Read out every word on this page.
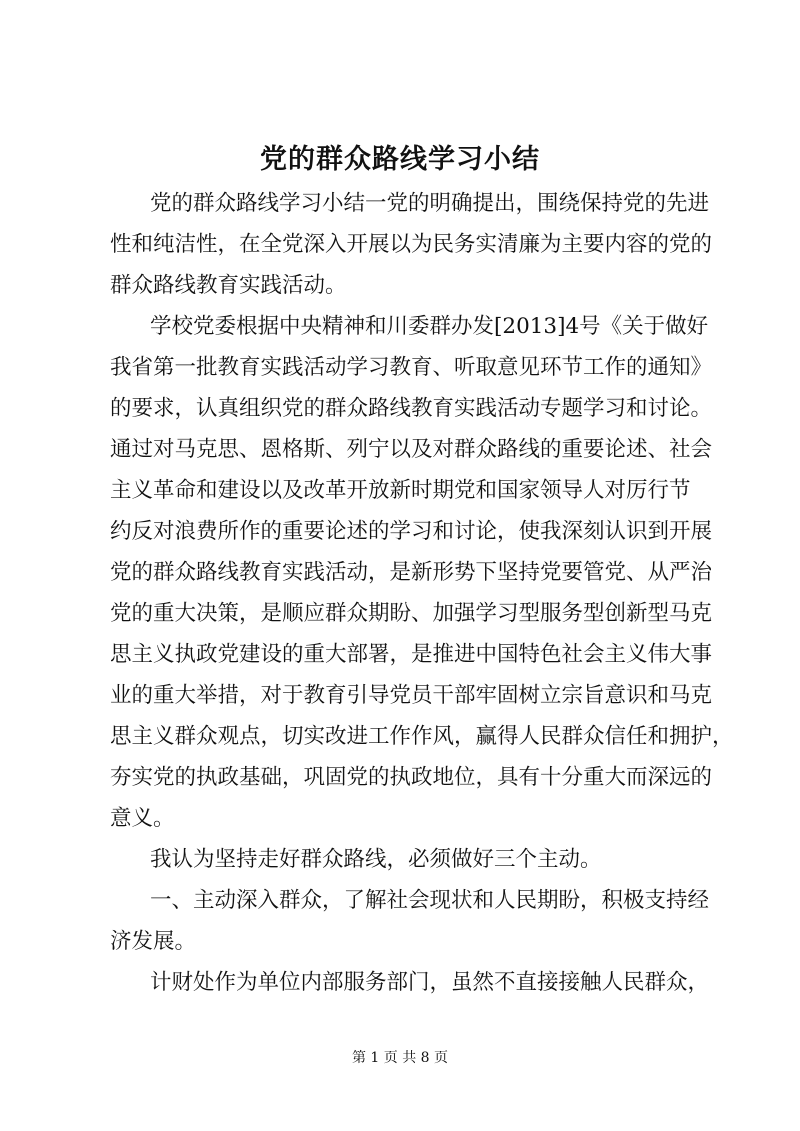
党的群众路线学习小结
党的群众路线学习小结一党的明确提出，围绕保持党的先进
性和纯洁性，在全党深入开展以为民务实清廉为主要内容的党的
群众路线教育实践活动。
学校党委根据中央精神和川委群办发[2013]4号《关于做好
我省第一批教育实践活动学习教育、听取意见环节工作的通知》
的要求，认真组织党的群众路线教育实践活动专题学习和讨论。
通过对马克思、恩格斯、列宁以及对群众路线的重要论述、社会
主义革命和建设以及改革开放新时期党和国家领导人对厉行节
约反对浪费所作的重要论述的学习和讨论，使我深刻认识到开展
党的群众路线教育实践活动，是新形势下坚持党要管党、从严治
党的重大决策，是顺应群众期盼、加强学习型服务型创新型马克
思主义执政党建设的重大部署，是推进中国特色社会主义伟大事
业的重大举措，对于教育引导党员干部牢固树立宗旨意识和马克
思主义群众观点，切实改进工作作风，赢得人民群众信任和拥护，
夯实党的执政基础，巩固党的执政地位，具有十分重大而深远的
意义。
我认为坚持走好群众路线，必须做好三个主动。
一、主动深入群众，了解社会现状和人民期盼，积极支持经
济发展。
计财处作为单位内部服务部门，虽然不直接接触人民群众，
第 1 页 共 8 页
